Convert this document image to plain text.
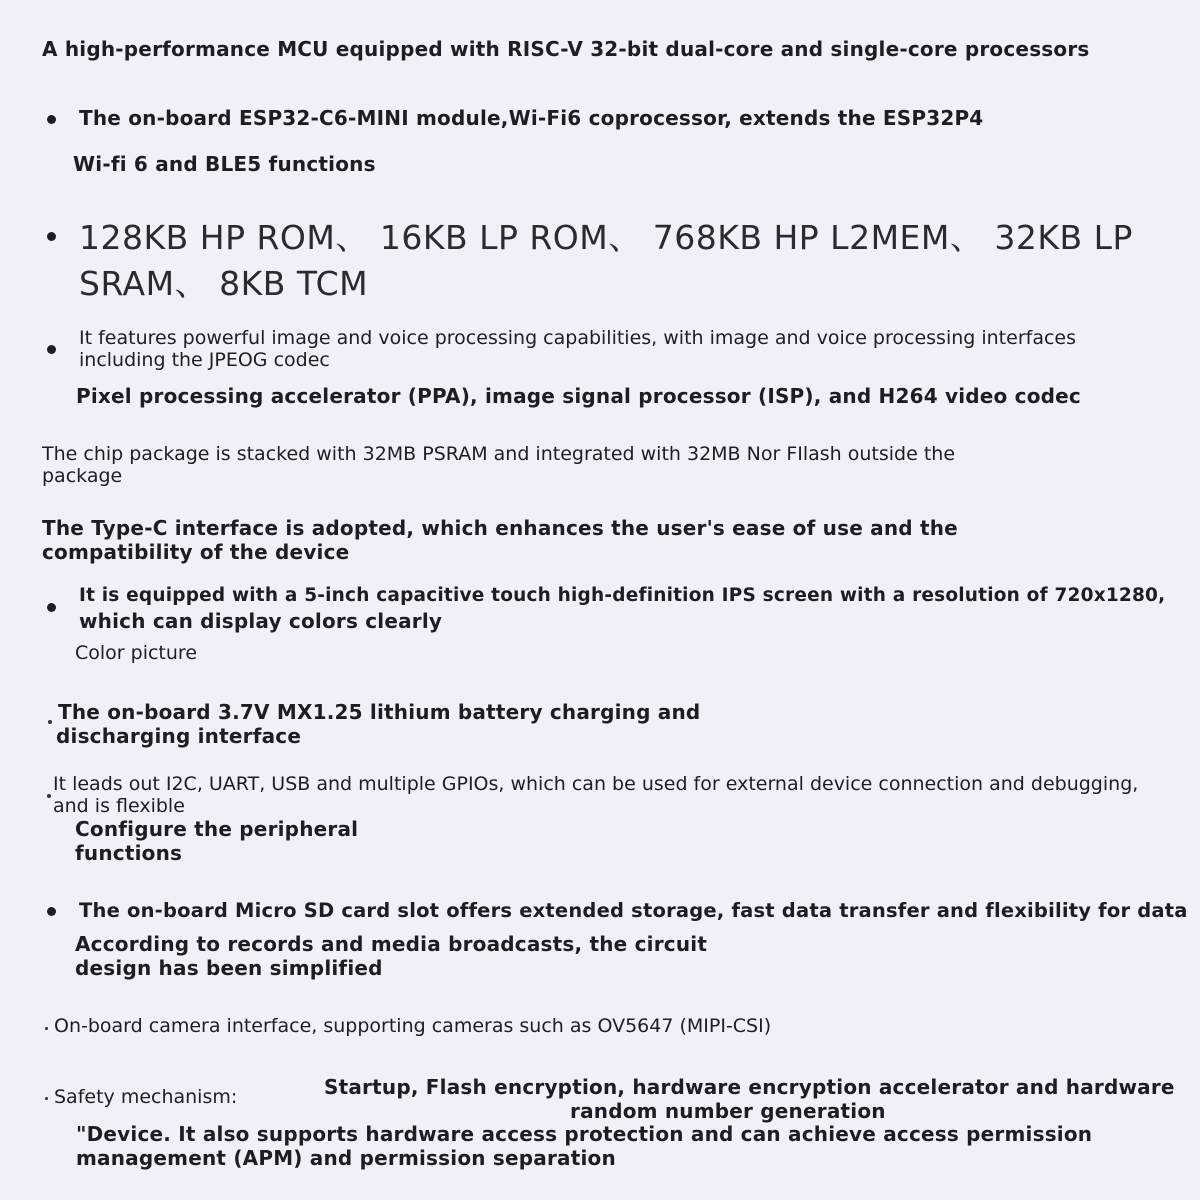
A high-performance MCU equipped with RISC-V 32-bit dual-core and single-core processors
The on-board ESP32-C6-MINI module,Wi-Fi6 coprocessor, extends the ESP32P4
Wi-fi 6 and BLE5 functions
128KB HP ROM、 16KB LP ROM、 768KB HP L2MEM、 32KB LP
SRAM、 8KB TCM
It features powerful image and voice processing capabilities, with image and voice processing interfaces
including the JPEOG codec
Pixel processing accelerator (PPA), image signal processor (ISP), and H264 video codec
The chip package is stacked with 32MB PSRAM and integrated with 32MB Nor FIlash outside the
package
The Type-C interface is adopted, which enhances the user's ease of use and the
compatibility of the device
It is equipped with a 5-inch capacitive touch high-definition IPS screen with a resolution of 720x1280,
which can display colors clearly
Color picture
The on-board 3.7V MX1.25 lithium battery charging and
discharging interface
It leads out I2C, UART, USB and multiple GPIOs, which can be used for external device connection and debugging,
and is flexible
Configure the peripheral
functions
The on-board Micro SD card slot offers extended storage, fast data transfer and flexibility for data
According to records and media broadcasts, the circuit
design has been simplified
On-board camera interface, supporting cameras such as OV5647 (MIPI-CSI)
Safety mechanism:	Startup, Flash encryption, hardware encryption accelerator and hardware
random number generation
"Device. It also supports hardware access protection and can achieve access permission
management (APM) and permission separation
